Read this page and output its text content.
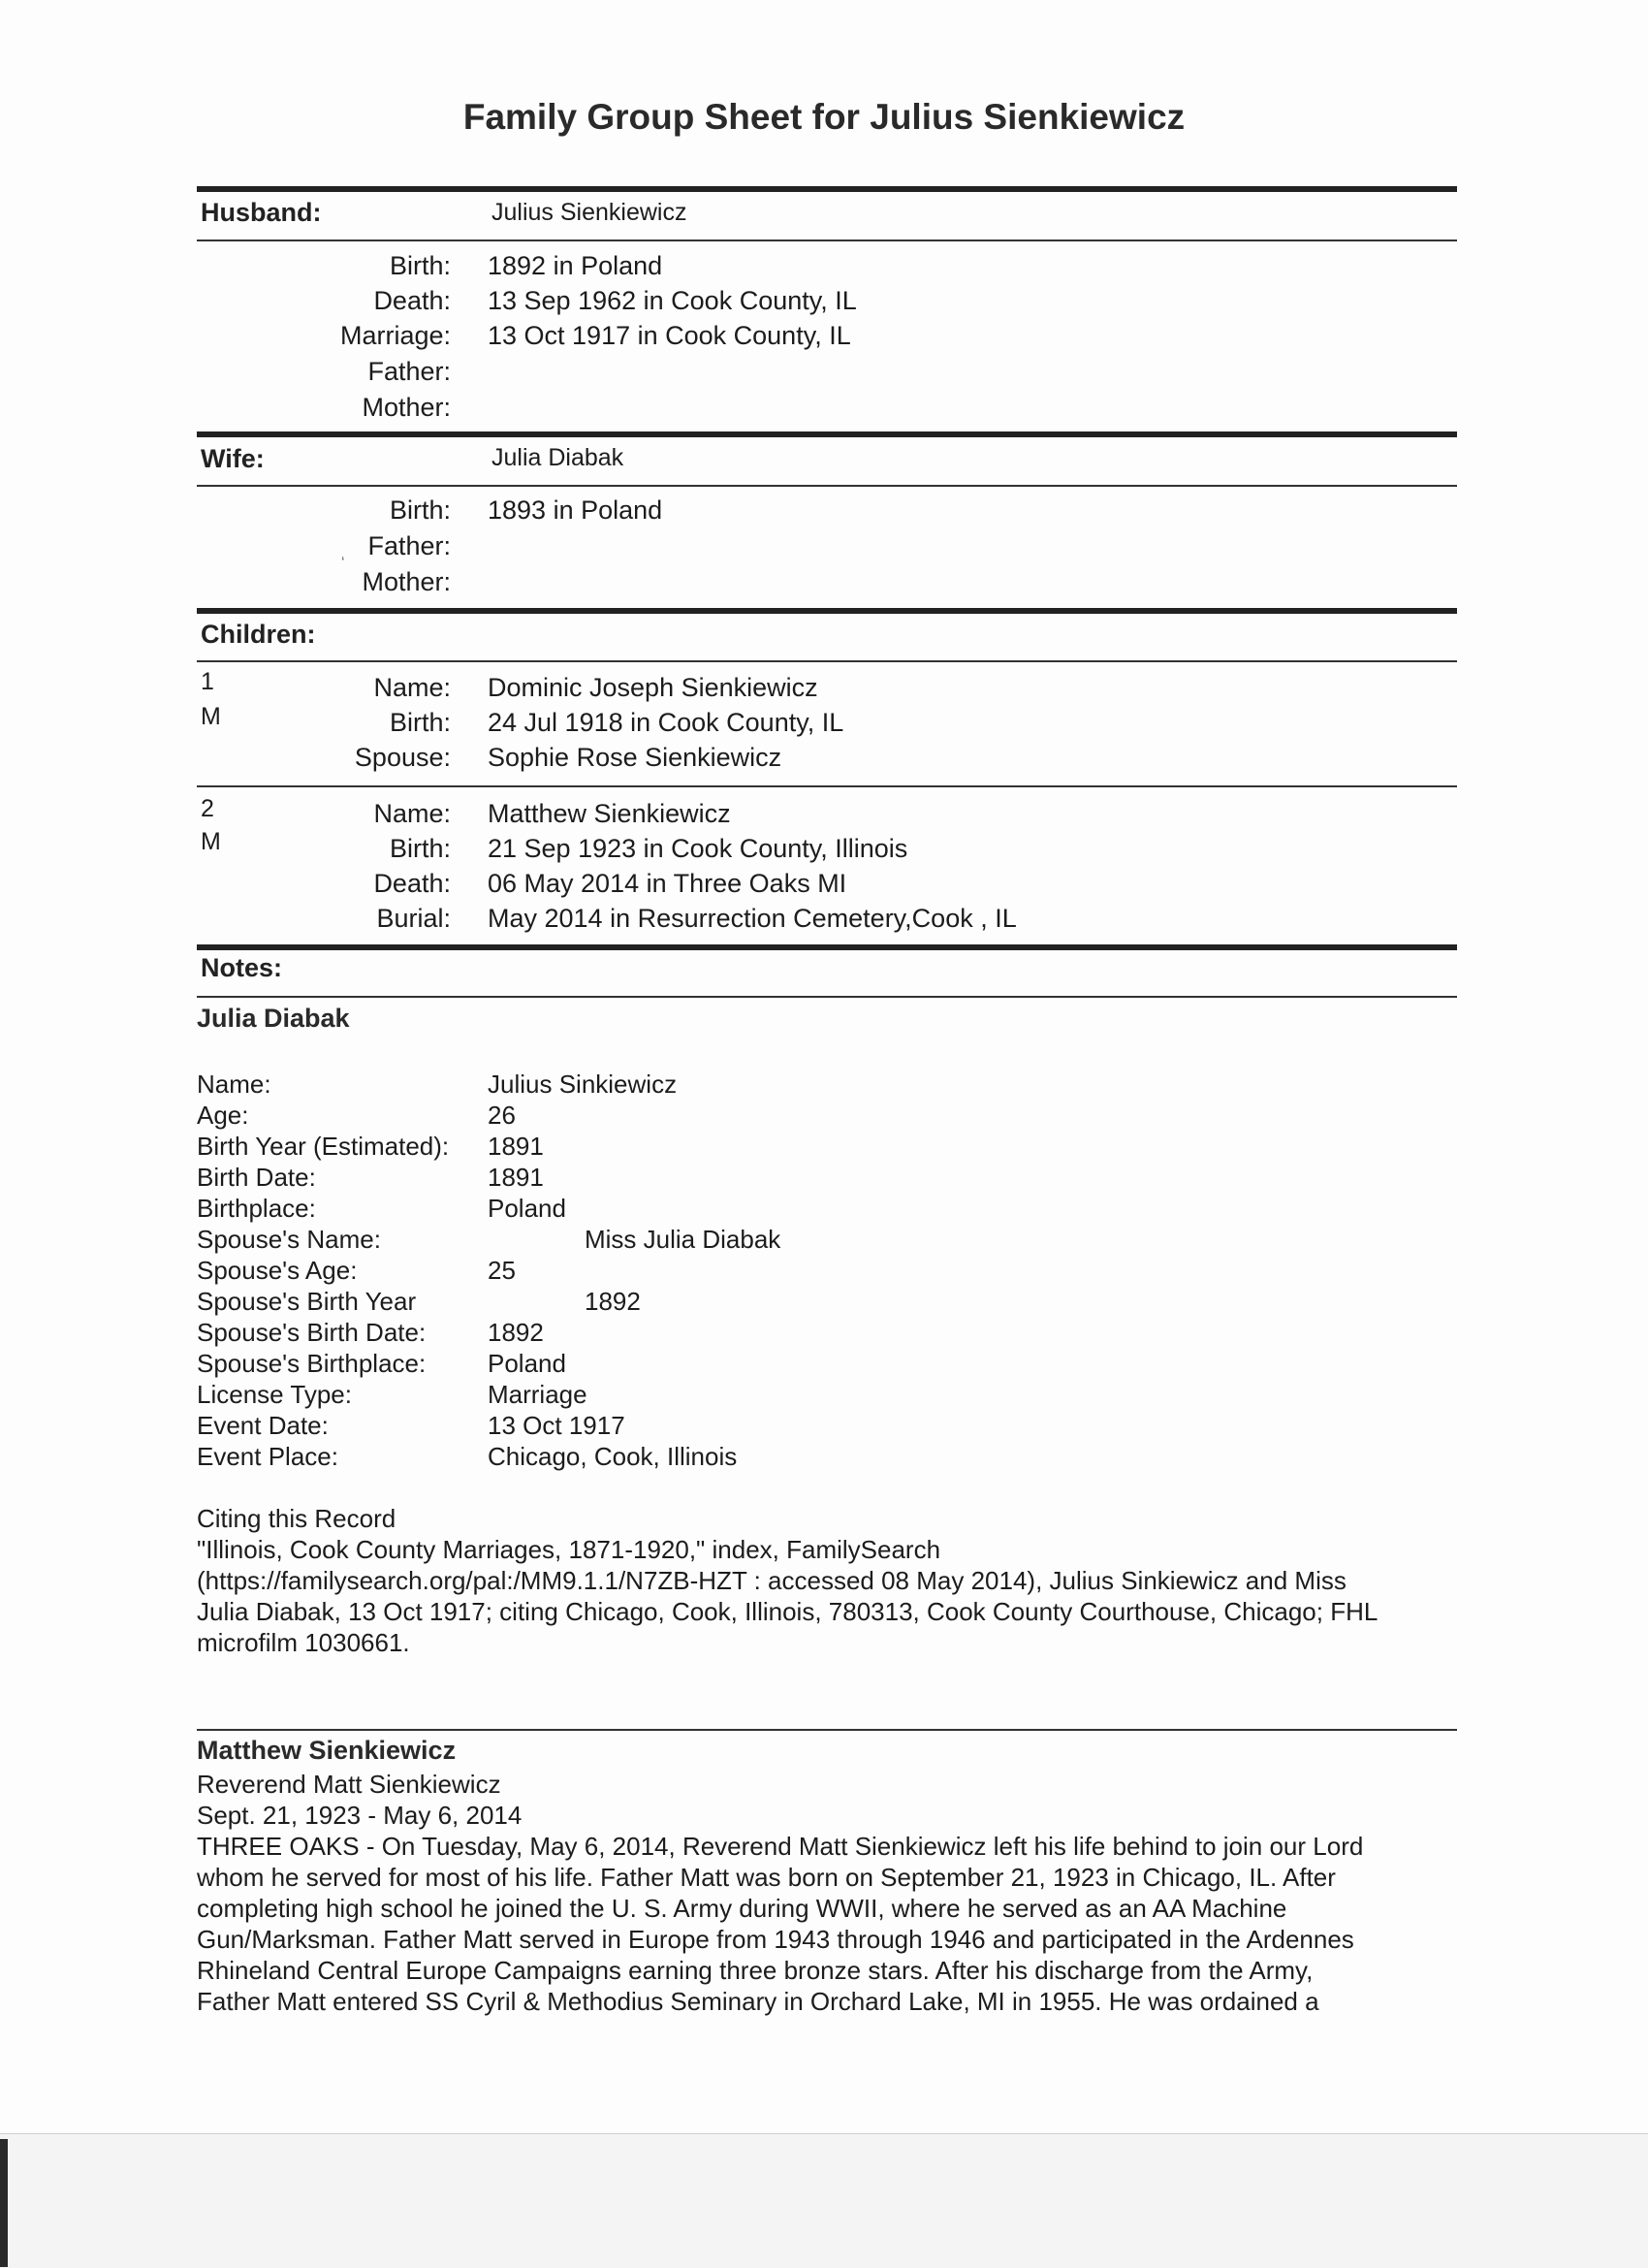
Family Group Sheet for Julius Sienkiewicz
Husband:	Julius Sienkiewicz
Birth: 1892 in Poland
Death: 13 Sep 1962 in Cook County, IL
Marriage: 13 Oct 1917 in Cook County, IL
Father:
Mother:
Wife:	Julia Diabak
Birth: 1893 in Poland
Father:
Mother:
‘
Children:
1
M
Name: Dominic Joseph Sienkiewicz
Birth: 24 Jul 1918 in Cook County, IL
Spouse: Sophie Rose Sienkiewicz
2
M
Name: Matthew Sienkiewicz
Birth: 21 Sep 1923 in Cook County, Illinois
Death: 06 May 2014 in Three Oaks MI
Burial: May 2014 in Resurrection Cemetery,Cook , IL
Notes:
Julia Diabak
Name:	Julius Sinkiewicz
Age:	26
Birth Year (Estimated): 1891
Birth Date:	1891
Birthplace:	Poland
Spouse's Name:	Miss Julia Diabak
Spouse's Age:	25
Spouse's Birth Year	1892
Spouse's Birth Date: 1892
Spouse's Birthplace: Poland
License Type:	Marriage
Event Date:	13 Oct 1917
Event Place:	Chicago, Cook, Illinois
Citing this Record
"Illinois, Cook County Marriages, 1871-1920," index, FamilySearch
(https://familysearch.org/pal:/MM9.1.1/N7ZB-HZT : accessed 08 May 2014), Julius Sinkiewicz and Miss
Julia Diabak, 13 Oct 1917; citing Chicago, Cook, Illinois, 780313, Cook County Courthouse, Chicago; FHL
microfilm 1030661.
Matthew Sienkiewicz
Reverend Matt Sienkiewicz
Sept. 21, 1923 - May 6, 2014
THREE OAKS - On Tuesday, May 6, 2014, Reverend Matt Sienkiewicz left his life behind to join our Lord
whom he served for most of his life. Father Matt was born on September 21, 1923 in Chicago, IL. After
completing high school he joined the U. S. Army during WWII, where he served as an AA Machine
Gun/Marksman. Father Matt served in Europe from 1943 through 1946 and participated in the Ardennes
Rhineland Central Europe Campaigns earning three bronze stars. After his discharge from the Army,
Father Matt entered SS Cyril & Methodius Seminary in Orchard Lake, MI in 1955. He was ordained a
